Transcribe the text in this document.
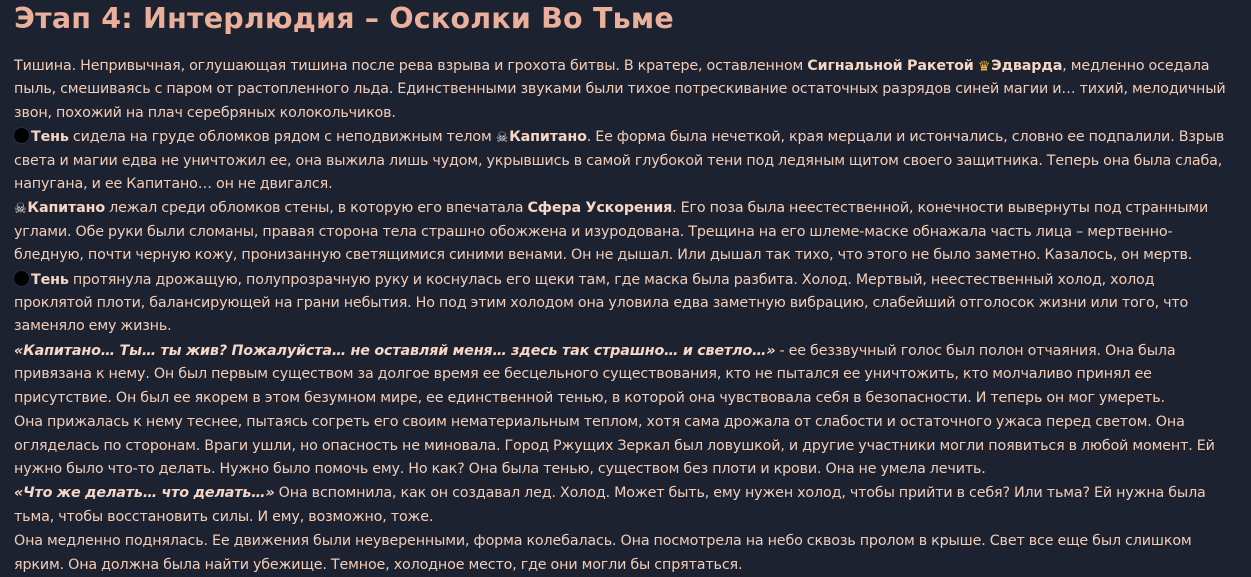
Этап 4: Интерлюдия – Осколки Во Тьме

Тишина. Непривычная, оглушающая тишина после рева взрыва и грохота битвы. В кратере, оставленном Сигнальной Ракетой ♛Эдварда, медленно оседала пыль, смешиваясь с паром от растопленного льда. Единственными звуками были тихое потрескивание остаточных разрядов синей магии и… тихий, мелодичный звон, похожий на плач серебряных колокольчиков.

Тень сидела на груде обломков рядом с неподвижным телом ☠Капитано. Ее форма была нечеткой, края мерцали и истончались, словно ее подпалили. Взрыв света и магии едва не уничтожил ее, она выжила лишь чудом, укрывшись в самой глубокой тени под ледяным щитом своего защитника. Теперь она была слаба, напугана, и ее Капитано… он не двигался.

☠Капитано лежал среди обломков стены, в которую его впечатала Сфера Ускорения. Его поза была неестественной, конечности вывернуты под странными углами. Обе руки были сломаны, правая сторона тела страшно обожжена и изуродована. Трещина на его шлеме-маске обнажала часть лица – мертвенно-бледную, почти черную кожу, пронизанную светящимися синими венами. Он не дышал. Или дышал так тихо, что этого не было заметно. Казалось, он мертв.

Тень протянула дрожащую, полупрозрачную руку и коснулась его щеки там, где маска была разбита. Холод. Мертвый, неестественный холод, холод проклятой плоти, балансирующей на грани небытия. Но под этим холодом она уловила едва заметную вибрацию, слабейший отголосок жизни или того, что заменяло ему жизнь.

«Капитано… Ты… ты жив? Пожалуйста… не оставляй меня… здесь так страшно… и светло…» - ее беззвучный голос был полон отчаяния. Она была привязана к нему. Он был первым существом за долгое время ее бесцельного существования, кто не пытался ее уничтожить, кто молчаливо принял ее присутствие. Он был ее якорем в этом безумном мире, ее единственной тенью, в которой она чувствовала себя в безопасности. И теперь он мог умереть.

Она прижалась к нему теснее, пытаясь согреть его своим нематериальным теплом, хотя сама дрожала от слабости и остаточного ужаса перед светом. Она огляделась по сторонам. Враги ушли, но опасность не миновала. Город Ржущих Зеркал был ловушкой, и другие участники могли появиться в любой момент. Ей нужно было что-то делать. Нужно было помочь ему. Но как? Она была тенью, существом без плоти и крови. Она не умела лечить.

«Что же делать… что делать…» Она вспомнила, как он создавал лед. Холод. Может быть, ему нужен холод, чтобы прийти в себя? Или тьма? Ей нужна была тьма, чтобы восстановить силы. И ему, возможно, тоже.

Она медленно поднялась. Ее движения были неуверенными, форма колебалась. Она посмотрела на небо сквозь пролом в крыше. Свет все еще был слишком ярким. Она должна была найти убежище. Темное, холодное место, где они могли бы спрятаться.
